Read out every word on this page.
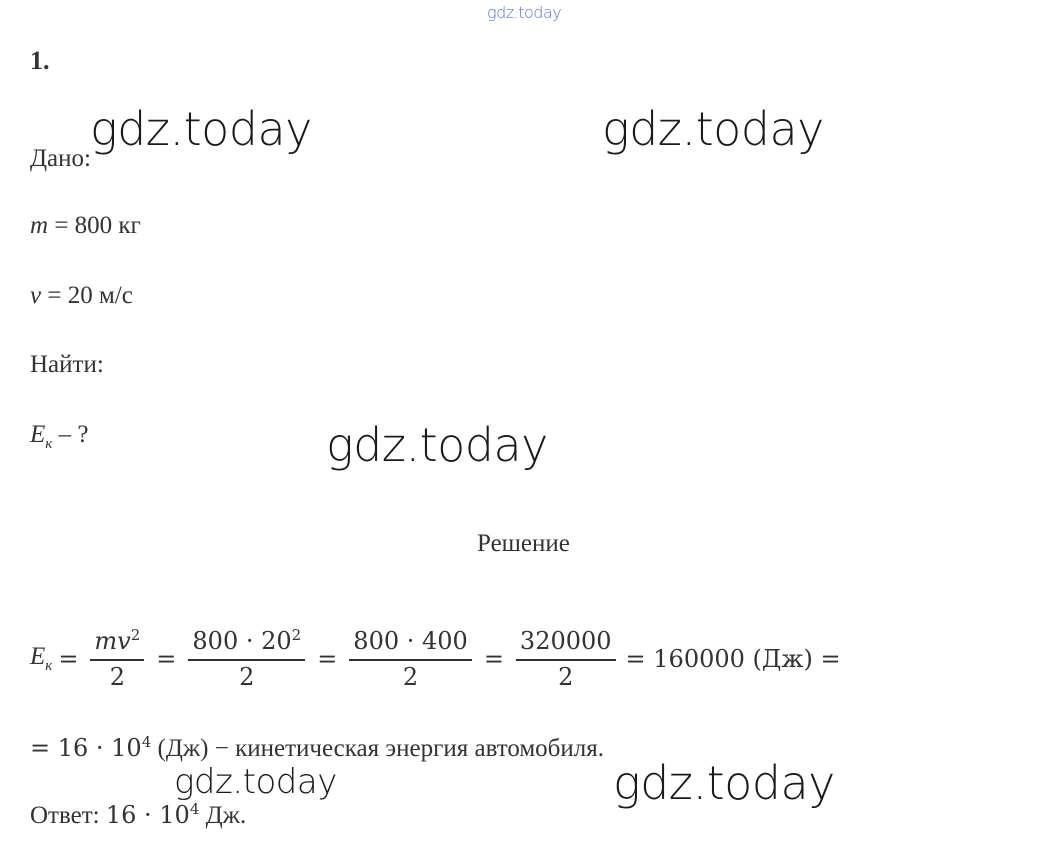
gdz.today
gdz.today	gdz.today
gdz.today
gdz.today	gdz.today
1.
Дано:
m = 800 кг
v = 20 м/с
Найти:
$E_к$ – ?
Решение
$E_к = \frac{mv^2}{2} = \frac{800 \cdot 20^2}{2} = \frac{800 \cdot 400}{2} = \frac{320000}{2} = 160000$ (Дж) =
= $16 \cdot 10^4$ (Дж) − кинетическая энергия автомобиля.
Ответ: $16 \cdot 10^4$ Дж.
